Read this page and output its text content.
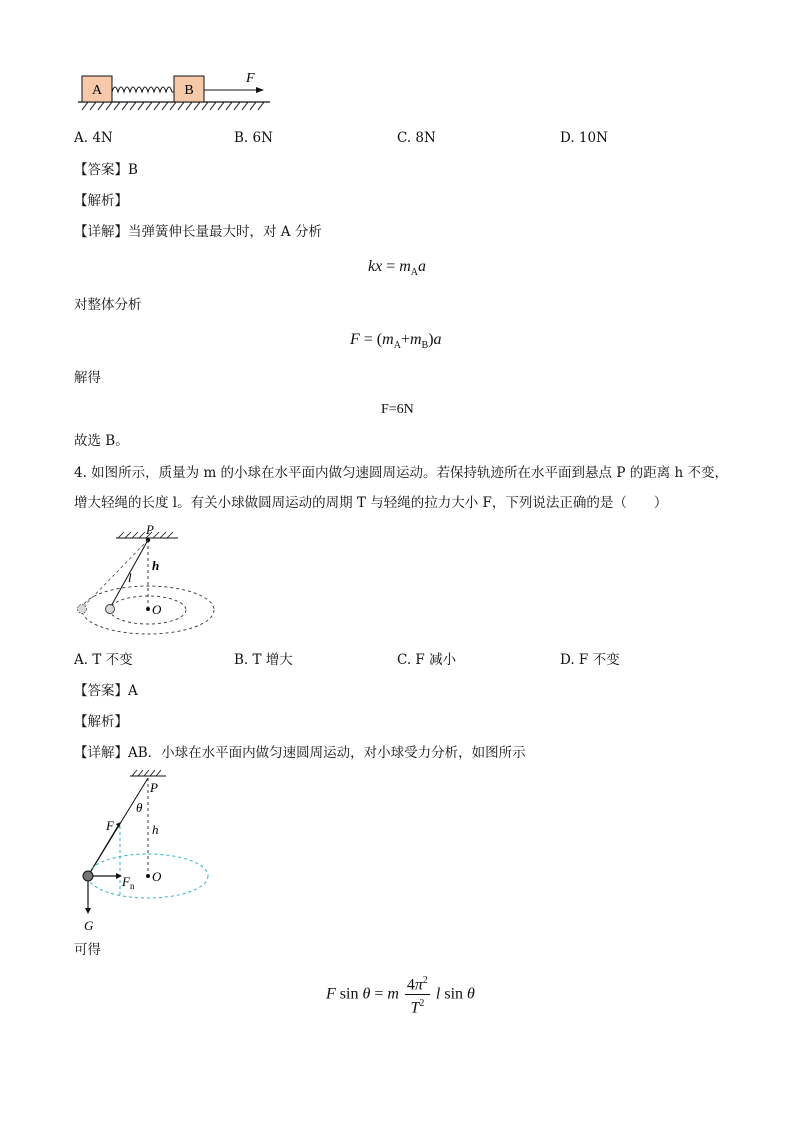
A	B
F
A. 4N	B. 6N	C. 8N	D. 10N
【答案】B
【解析】
【详解】当弹簧伸长量最大时，对 A 分析
kx = $m_Aa$
对整体分析
$F = (m_A+m_B)a$
解得
F=6N
故选 B。
4. 如图所示，质量为 m 的小球在水平面内做匀速圆周运动。若保持轨迹所在水平面到悬点 P 的距离 h 不变，
增大轻绳的长度 l。有关小球做圆周运动的周期 T 与轻绳的拉力大小 F，下列说法正确的是（　　）
P
h
l
O
A. T 不变	B. T 增大	C. F 减小	D. F 不变
【答案】A
【解析】
【详解】AB．小球在水平面内做匀速圆周运动，对小球受力分析，如图所示
P
θ
h
F
$F_n$
G
O
可得
F sin θ = m $\frac{4\pi^2}{T^2}$ l sin θ
